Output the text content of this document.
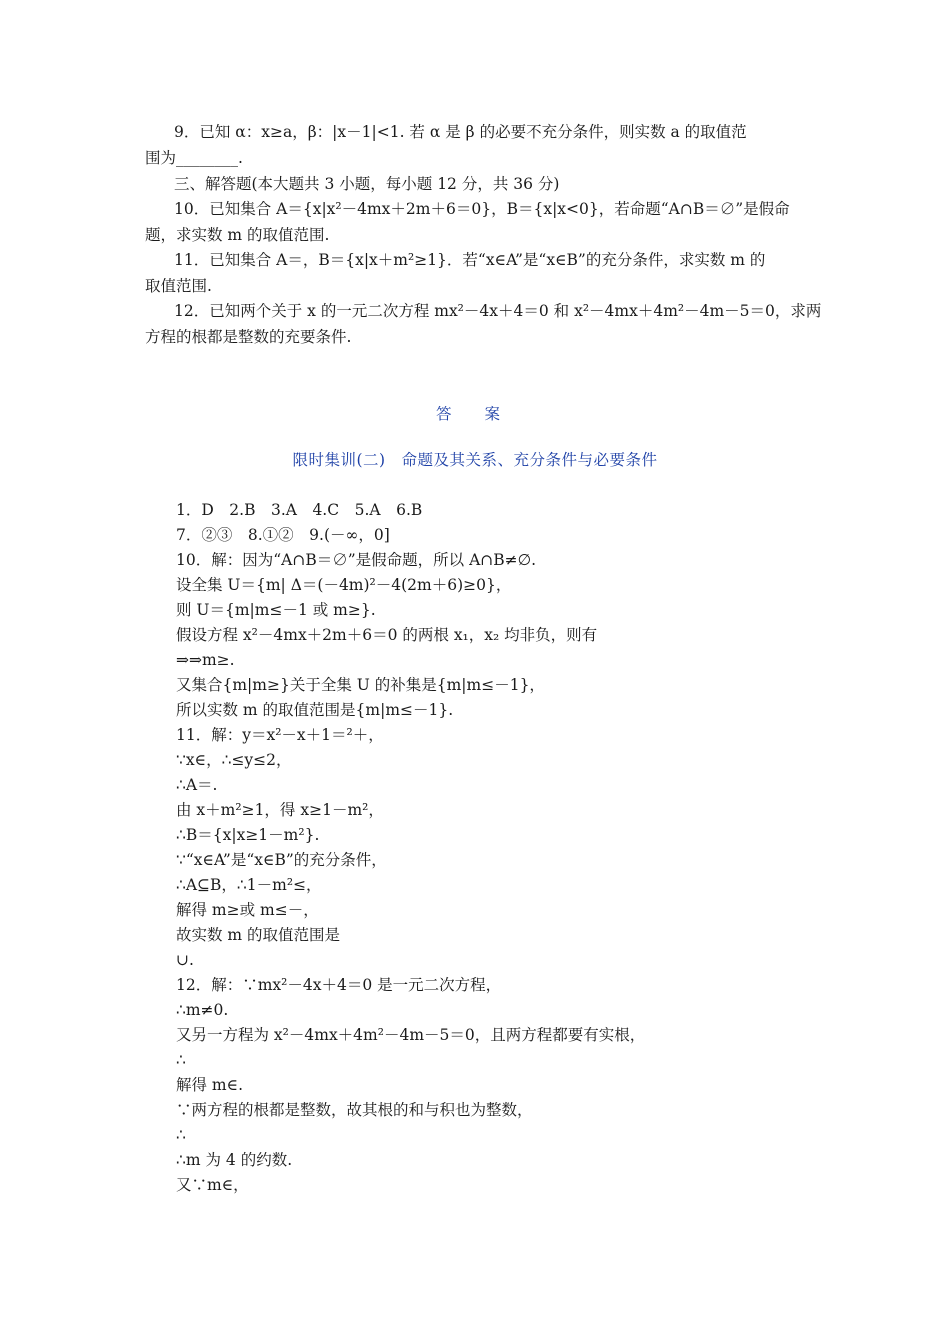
9．已知 α：x≥a，β：|x－1|<1. 若 α 是 β 的必要不充分条件，则实数 a 的取值范
围为________.
三、解答题(本大题共 3 小题，每小题 12 分，共 36 分)
10．已知集合 A＝{x|x²－4mx＋2m＋6＝0}，B＝{x|x<0}，若命题“A∩B＝∅”是假命
题，求实数 m 的取值范围.
11．已知集合 A＝，B＝{x|x＋m²≥1}．若“x∈A”是“x∈B”的充分条件，求实数 m 的
取值范围.
12．已知两个关于 x 的一元二次方程 mx²－4x＋4＝0 和 x²－4mx＋4m²－4m－5＝0，求两
方程的根都是整数的充要条件.
答 案
限时集训(二)　命题及其关系、充分条件与必要条件
1．D　2.B　3.A　4.C　5.A　6.B
7．②③　8.①②　9.(－∞，0]
10．解：因为“A∩B＝∅”是假命题，所以 A∩B≠∅.
设全集 U＝{m| Δ＝(－4m)²－4(2m＋6)≥0}，
则 U＝{m|m≤－1 或 m≥}.
假设方程 x²－4mx＋2m＋6＝0 的两根 x₁，x₂ 均非负，则有
⇒⇒m≥.
又集合{m|m≥}关于全集 U 的补集是{m|m≤－1}，
所以实数 m 的取值范围是{m|m≤－1}.
11．解：y＝x²－x＋1＝²＋，
∵x∈，∴≤y≤2，
∴A＝.
由 x＋m²≥1，得 x≥1－m²，
∴B＝{x|x≥1－m²}.
∵“x∈A”是“x∈B”的充分条件，
∴A⊆B，∴1－m²≤，
解得 m≥或 m≤－，
故实数 m 的取值范围是
∪.
12．解：∵mx²－4x＋4＝0 是一元二次方程，
∴m≠0.
又另一方程为 x²－4mx＋4m²－4m－5＝0，且两方程都要有实根，
∴
解得 m∈.
∵两方程的根都是整数，故其根的和与积也为整数，
∴
∴m 为 4 的约数.
又∵m∈，
